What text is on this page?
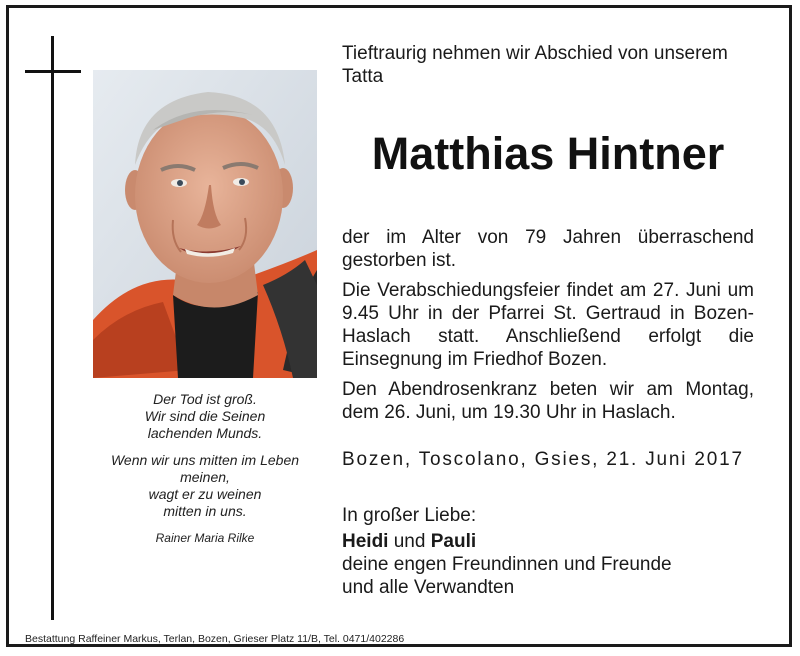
Der Tod ist groß.
Wir sind die Seinen
lachenden Munds.
Wenn wir uns mitten im Leben
meinen,
wagt er zu weinen
mitten in uns.
Rainer Maria Rilke
Tieftraurig nehmen wir Abschied von unserem
Tatta
Matthias Hintner
der im Alter von 79 Jahren überraschend gestorben ist.
Die Verabschiedungsfeier findet am 27. Juni um 9.45 Uhr in der Pfarrei St. Gertraud in Bozen-Haslach statt. Anschließend erfolgt die Einsegnung im Friedhof Bozen.
Den Abendrosenkranz beten wir am Montag, dem 26. Juni, um 19.30 Uhr in Haslach.
Bozen, Toscolano, Gsies, 21. Juni 2017
In großer Liebe:
Heidi und Pauli
deine engen Freundinnen und Freunde
und alle Verwandten
Bestattung Raffeiner Markus, Terlan, Bozen, Grieser Platz 11/B, Tel. 0471/402286
